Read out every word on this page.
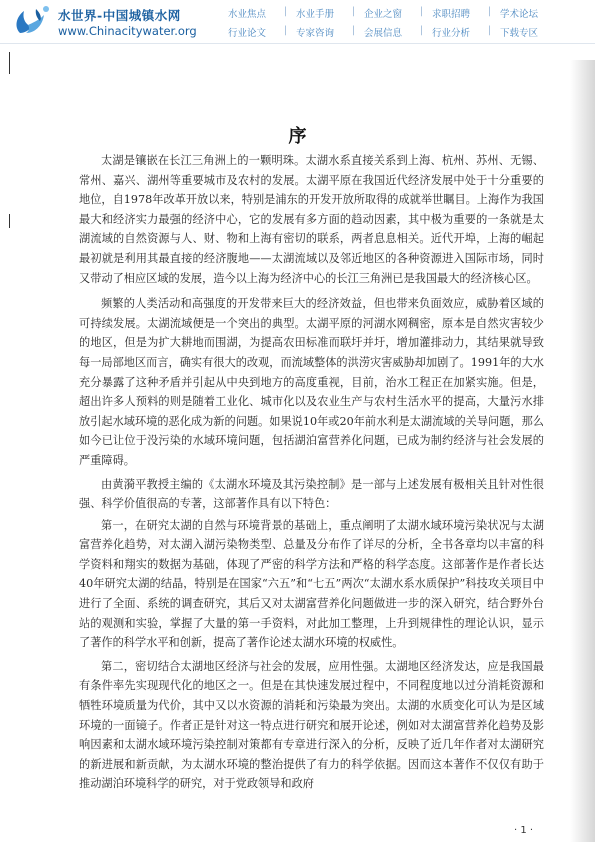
水世界-中国城镇水网
www.Chinacitywater.org
水业焦点 | 水业手册 | 企业之窗 | 求职招聘 | 学术论坛
行业论文 | 专家咨询 | 会展信息 | 行业分析 | 下载专区
序

太湖是镶嵌在长江三角洲上的一颗明珠。太湖水系直接关系到上海、杭州、苏州、无锡、常州、嘉兴、湖州等重要城市及农村的发展。太湖平原在我国近代经济发展中处于十分重要的地位，自1978年改革开放以来，特别是浦东的开发开放所取得的成就举世瞩目。上海作为我国最大和经济实力最强的经济中心，它的发展有多方面的趋动因素，其中极为重要的一条就是太湖流域的自然资源与人、财、物和上海有密切的联系，两者息息相关。近代开埠，上海的崛起最初就是利用其最直接的经济腹地——太湖流域以及邻近地区的各种资源进入国际市场，同时又带动了相应区域的发展，造今以上海为经济中心的长江三角洲已是我国最大的经济核心区。

频繁的人类活动和高强度的开发带来巨大的经济效益，但也带来负面效应，威胁着区域的可持续发展。太湖流域便是一个突出的典型。太湖平原的河湖水网稠密，原本是自然灾害较少的地区，但是为扩大耕地而围湖，为提高农田标准而联圩并圩，增加灌排动力，其结果就导致每一局部地区而言，确实有很大的改观，而流域整体的洪涝灾害威胁却加剧了。1991年的大水充分暴露了这种矛盾并引起从中央到地方的高度重视，目前，治水工程正在加紧实施。但是，超出许多人预料的则是随着工业化、城市化以及农业生产与农村生活水平的提高，大量污水排放引起水域环境的恶化成为新的问题。如果说10年或20年前水利是太湖流域的关导问题，那么如今已让位于没污染的水域环境问题，包括湖泊富营养化问题，已成为制约经济与社会发展的严重障碍。

由黄漪平教授主编的《太湖水环境及其污染控制》是一部与上述发展有极相关且针对性很强、科学价值很高的专著，这部著作具有以下特色：

第一，在研究太湖的自然与环境背景的基础上，重点阐明了太湖水域环境污染状况与太湖富营养化趋势，对太湖入湖污染物类型、总量及分布作了详尽的分析，全书各章均以丰富的科学资料和翔实的数据为基础，体现了严密的科学方法和严格的科学态度。这部著作是作者长达40年研究太湖的结晶，特别是在国家“六五”和“七五”两次“太湖水系水质保护”科技攻关项目中进行了全面、系统的调查研究，其后又对太湖富营养化问题做进一步的深入研究，结合野外台站的观测和实验，掌握了大量的第一手资料，对此加工整理，上升到规律性的理论认识，显示了著作的科学水平和创新，提高了著作论述太湖水环境的权威性。

第二，密切结合太湖地区经济与社会的发展，应用性强。太湖地区经济发达，应是我国最有条件率先实现现代化的地区之一。但是在其快速发展过程中，不同程度地以过分消耗资源和牺牲环境质量为代价，其中又以水资源的消耗和污染最为突出。太湖的水质变化可认为是区域环境的一面镜子。作者正是针对这一特点进行研究和展开论述，例如对太湖富营养化趋势及影响因素和太湖水域环境污染控制对策都有专章进行深入的分析，反映了近几年作者对太湖研究的新进展和新贡献，为太湖水环境的整治提供了有力的科学依据。因而这本著作不仅仅有助于推动湖泊环境科学的研究，对于党政领导和政府

· 1 ·
